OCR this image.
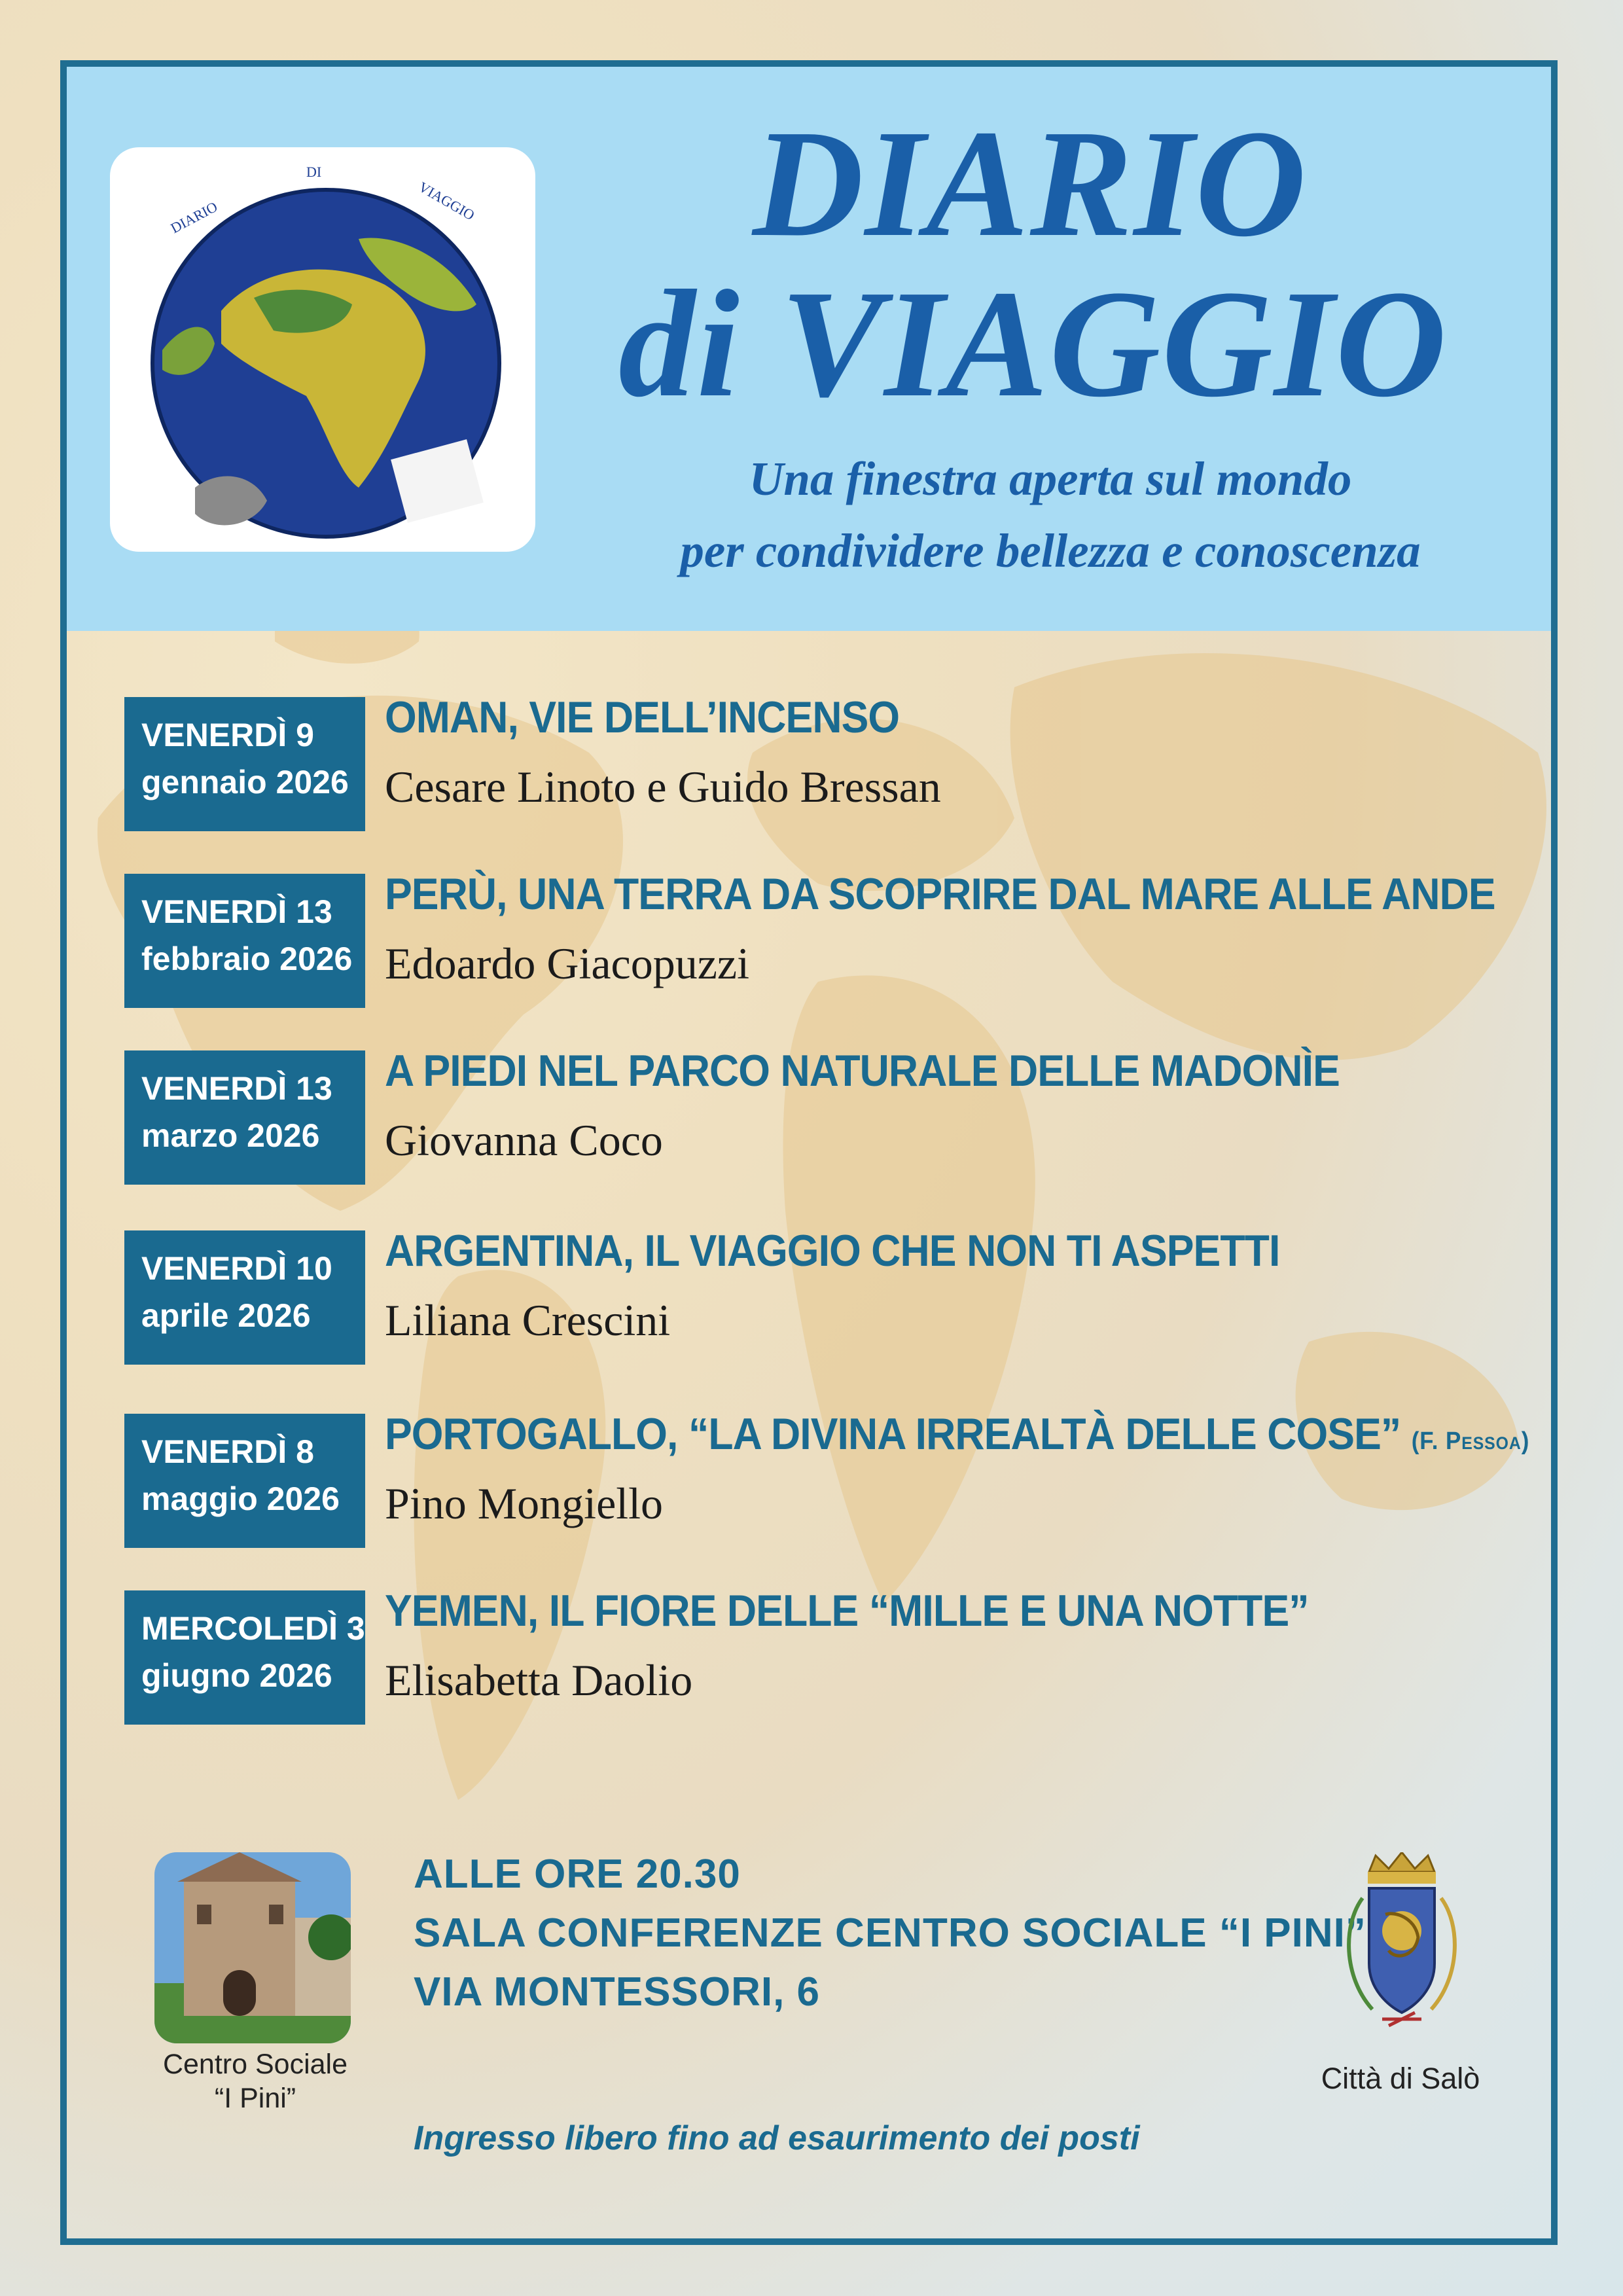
DIARIO
DI
VIAGGIO DIARIO
di VIAGGIO
Una finestra aperta sul mondo
per condividere bellezza e conoscenza
VENERDÌ 9
gennaio 2026
OMAN, VIE DELL’INCENSO
Cesare Linoto e Guido Bressan
VENERDÌ 13
febbraio 2026
PERÙ, UNA TERRA DA SCOPRIRE DAL MARE ALLE ANDE
Edoardo Giacopuzzi
VENERDÌ 13
marzo 2026
A PIEDI NEL PARCO NATURALE DELLE MADONÌE
Giovanna Coco
VENERDÌ 10
aprile 2026
ARGENTINA, IL VIAGGIO CHE NON TI ASPETTI
Liliana Crescini
VENERDÌ 8
maggio 2026
PORTOGALLO, “LA DIVINA IRREALTÀ DELLE COSE” (F. Pessoa)
Pino Mongiello
MERCOLEDÌ 3
giugno 2026
YEMEN, IL FIORE DELLE “MILLE E UNA NOTTE”
Elisabetta Daolio
Centro Sociale
“I Pini”
ALLE ORE 20.30
SALA CONFERENZE CENTRO SOCIALE “I PINI”
VIA MONTESSORI, 6
Città di Salò
Ingresso libero fino ad esaurimento dei posti
